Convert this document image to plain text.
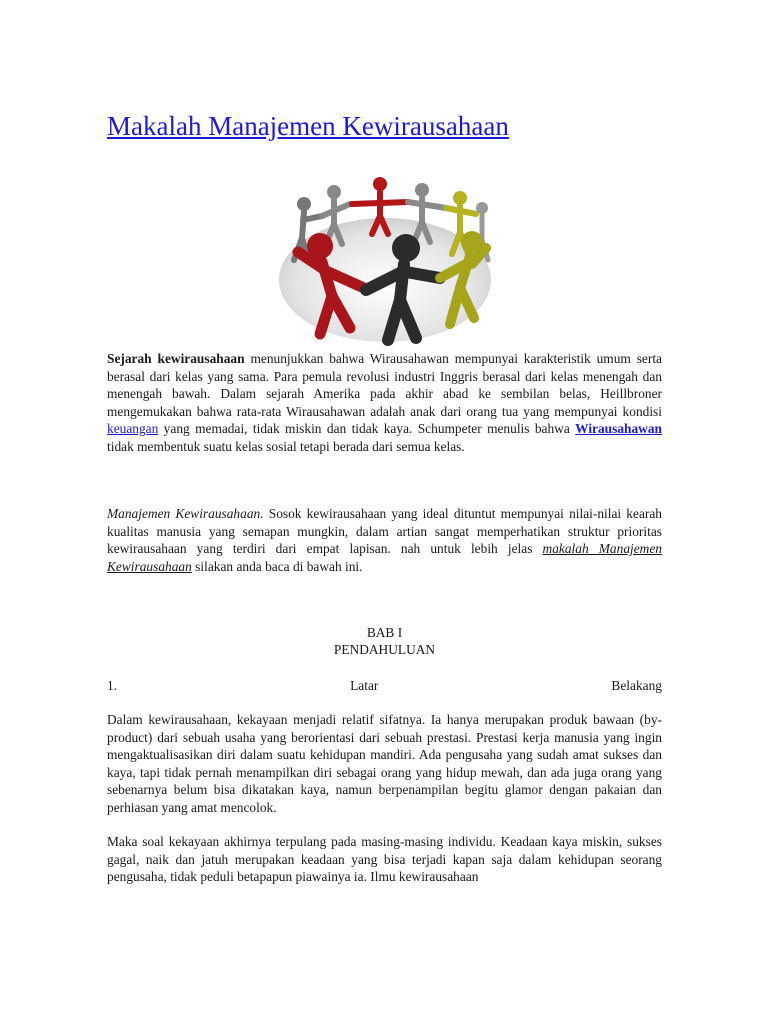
Makalah Manajemen Kewirausahaan

Sejarah kewirausahaan menunjukkan bahwa Wirausahawan mempunyai karakteristik umum serta berasal dari kelas yang sama. Para pemula revolusi industri Inggris berasal dari kelas menengah dan menengah bawah. Dalam sejarah Amerika pada akhir abad ke sembilan belas, Heillbroner mengemukakan bahwa rata-rata Wirausahawan adalah anak dari orang tua yang mempunyai kondisi keuangan yang memadai, tidak miskin dan tidak kaya. Schumpeter menulis bahwa Wirausahawan tidak membentuk suatu kelas sosial tetapi berada dari semua kelas.

Manajemen Kewirausahaan. Sosok kewirausahaan yang ideal dituntut mempunyai nilai-nilai kearah kualitas manusia yang semapan mungkin, dalam artian sangat memperhatikan struktur prioritas kewirausahaan yang terdiri dari empat lapisan. nah untuk lebih jelas makalah Manajemen Kewirausahaan silakan anda baca di bawah ini.

BAB I

PENDAHULUAN

1.	Latar	Belakang

Dalam kewirausahaan, kekayaan menjadi relatif sifatnya. Ia hanya merupakan produk bawaan (by-product) dari sebuah usaha yang berorientasi dari sebuah prestasi. Prestasi kerja manusia yang ingin mengaktualisasikan diri dalam suatu kehidupan mandiri. Ada pengusaha yang sudah amat sukses dan kaya, tapi tidak pernah menampilkan diri sebagai orang yang hidup mewah, dan ada juga orang yang sebenarnya belum bisa dikatakan kaya, namun berpenampilan begitu glamor dengan pakaian dan perhiasan yang amat mencolok.

Maka soal kekayaan akhirnya terpulang pada masing-masing individu. Keadaan kaya miskin, sukses gagal, naik dan jatuh merupakan keadaan yang bisa terjadi kapan saja dalam kehidupan seorang pengusaha, tidak peduli betapapun piawainya ia. Ilmu kewirausahaan
